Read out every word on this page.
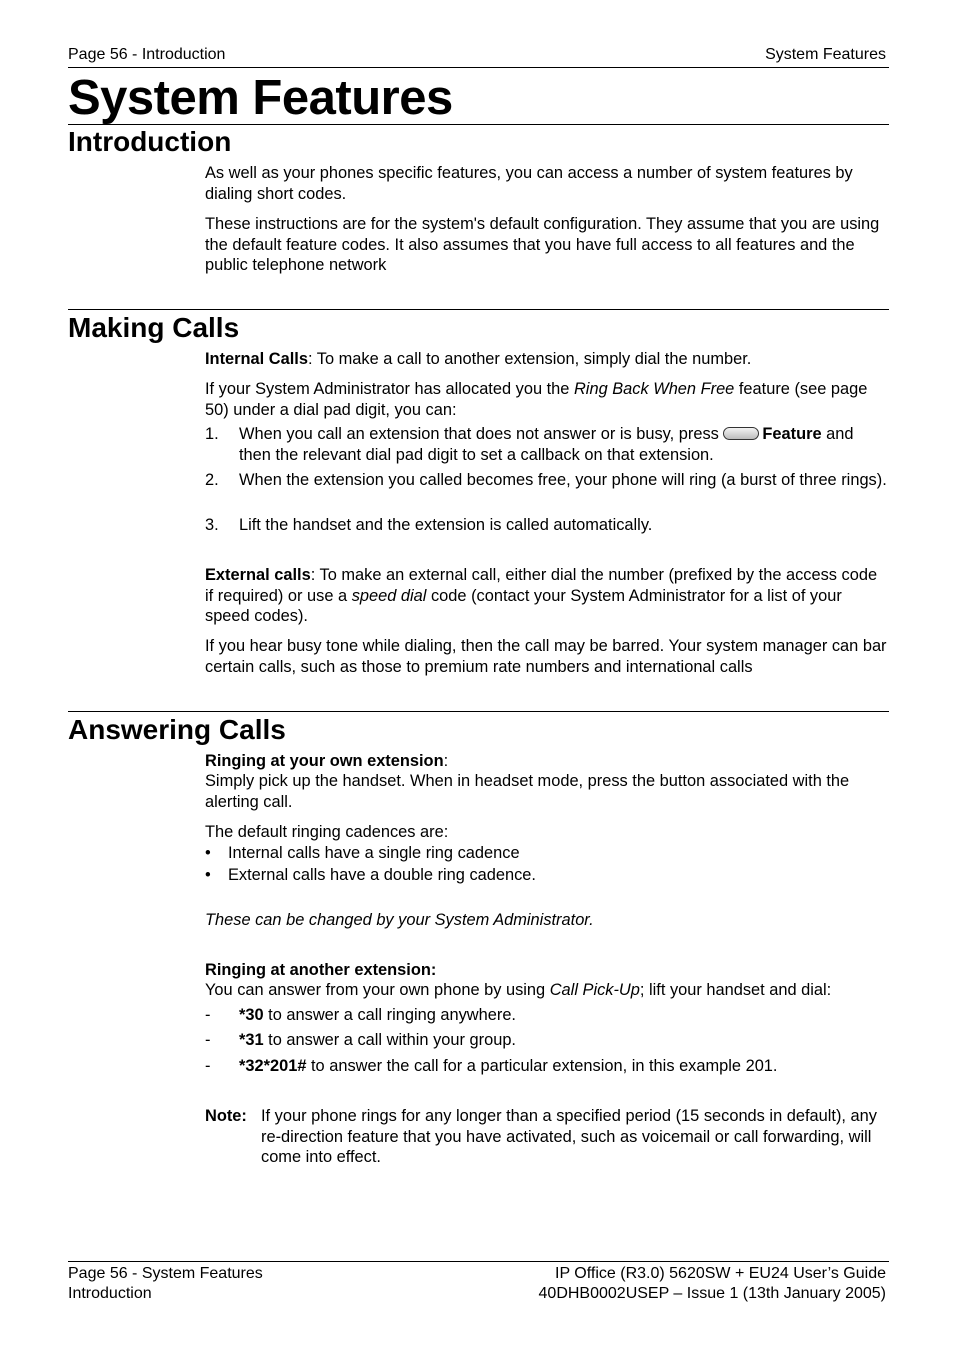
Page 56 - Introduction	System Features
System Features
Introduction
As well as your phones specific features, you can access a number of system features by dialing short codes.
These instructions are for the system's default configuration. They assume that you are using the default feature codes. It also assumes that you have full access to all features and the public telephone network
Making Calls
Internal Calls: To make a call to another extension, simply dial the number.
If your System Administrator has allocated you the Ring Back When Free feature (see page 50) under a dial pad digit, you can:
1. When you call an extension that does not answer or is busy, press Feature and then the relevant dial pad digit to set a callback on that extension.
2. When the extension you called becomes free, your phone will ring (a burst of three rings).
3. Lift the handset and the extension is called automatically.
External calls: To make an external call, either dial the number (prefixed by the access code if required) or use a speed dial code (contact your System Administrator for a list of your speed codes).
If you hear busy tone while dialing, then the call may be barred. Your system manager can bar certain calls, such as those to premium rate numbers and international calls
Answering Calls
Ringing at your own extension:
Simply pick up the handset. When in headset mode, press the button associated with the alerting call.
The default ringing cadences are:
• Internal calls have a single ring cadence
• External calls have a double ring cadence.
These can be changed by your System Administrator.
Ringing at another extension:
You can answer from your own phone by using Call Pick-Up; lift your handset and dial:
- *30 to answer a call ringing anywhere.
- *31 to answer a call within your group.
- *32*201# to answer the call for a particular extension, in this example 201.
Note: If your phone rings for any longer than a specified period (15 seconds in default), any re-direction feature that you have activated, such as voicemail or call forwarding, will come into effect.
Page 56 - System Features
Introduction
IP Office (R3.0) 5620SW + EU24 User’s Guide
40DHB0002USEP – Issue 1 (13th January 2005)
